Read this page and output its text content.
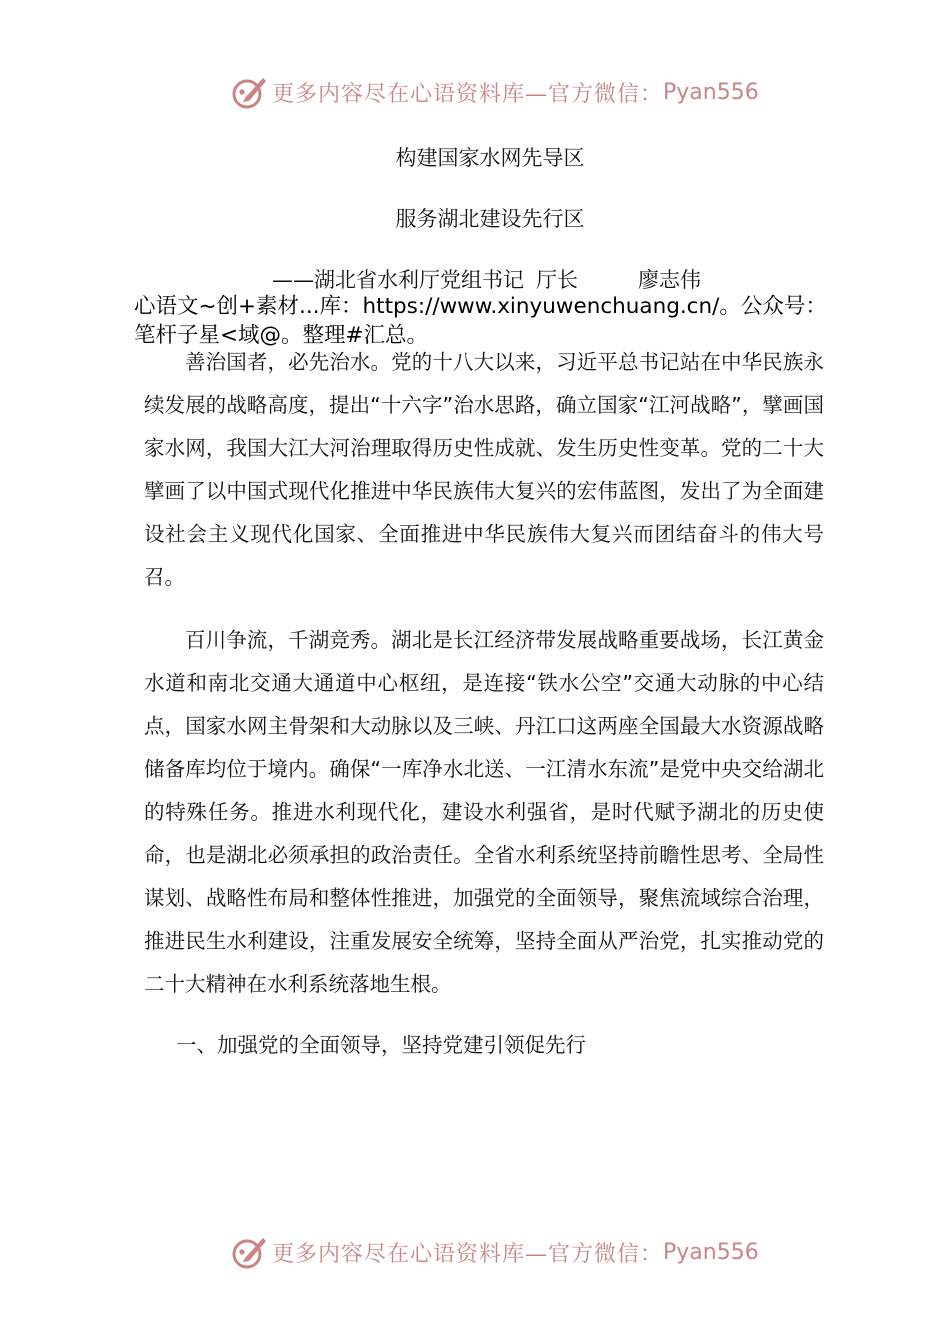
更多内容尽在心语资料库—官方微信： Pyan556
构建国家水网先导区
服务湖北建设先行区
——湖北省水利厅党组书记 厅长	廖志伟
心语文~创+素材...库：https://www.xinyuwenchuang.cn/。公众号：笔杆子星<域@。整理#汇总。

善治国者，必先治水。党的十八大以来，习近平总书记站在中华民族永续发展的战略高度，提出“十六字”治水思路，确立国家“江河战略”，擘画国家水网，我国大江大河治理取得历史性成就、发生历史性变革。党的二十大擘画了以中国式现代化推进中华民族伟大复兴的宏伟蓝图，发出了为全面建设社会主义现代化国家、全面推进中华民族伟大复兴而团结奋斗的伟大号召。

百川争流，千湖竞秀。湖北是长江经济带发展战略重要战场，长江黄金水道和南北交通大通道中心枢纽，是连接“铁水公空”交通大动脉的中心结点，国家水网主骨架和大动脉以及三峡、丹江口这两座全国最大水资源战略储备库均位于境内。确保“一库净水北送、一江清水东流”是党中央交给湖北的特殊任务。推进水利现代化，建设水利强省，是时代赋予湖北的历史使命，也是湖北必须承担的政治责任。全省水利系统坚持前瞻性思考、全局性谋划、战略性布局和整体性推进，加强党的全面领导，聚焦流域综合治理，推进民生水利建设，注重发展安全统筹，坚持全面从严治党，扎实推动党的二十大精神在水利系统落地生根。

一、加强党的全面领导，坚持党建引领促先行
更多内容尽在心语资料库—官方微信： Pyan556
